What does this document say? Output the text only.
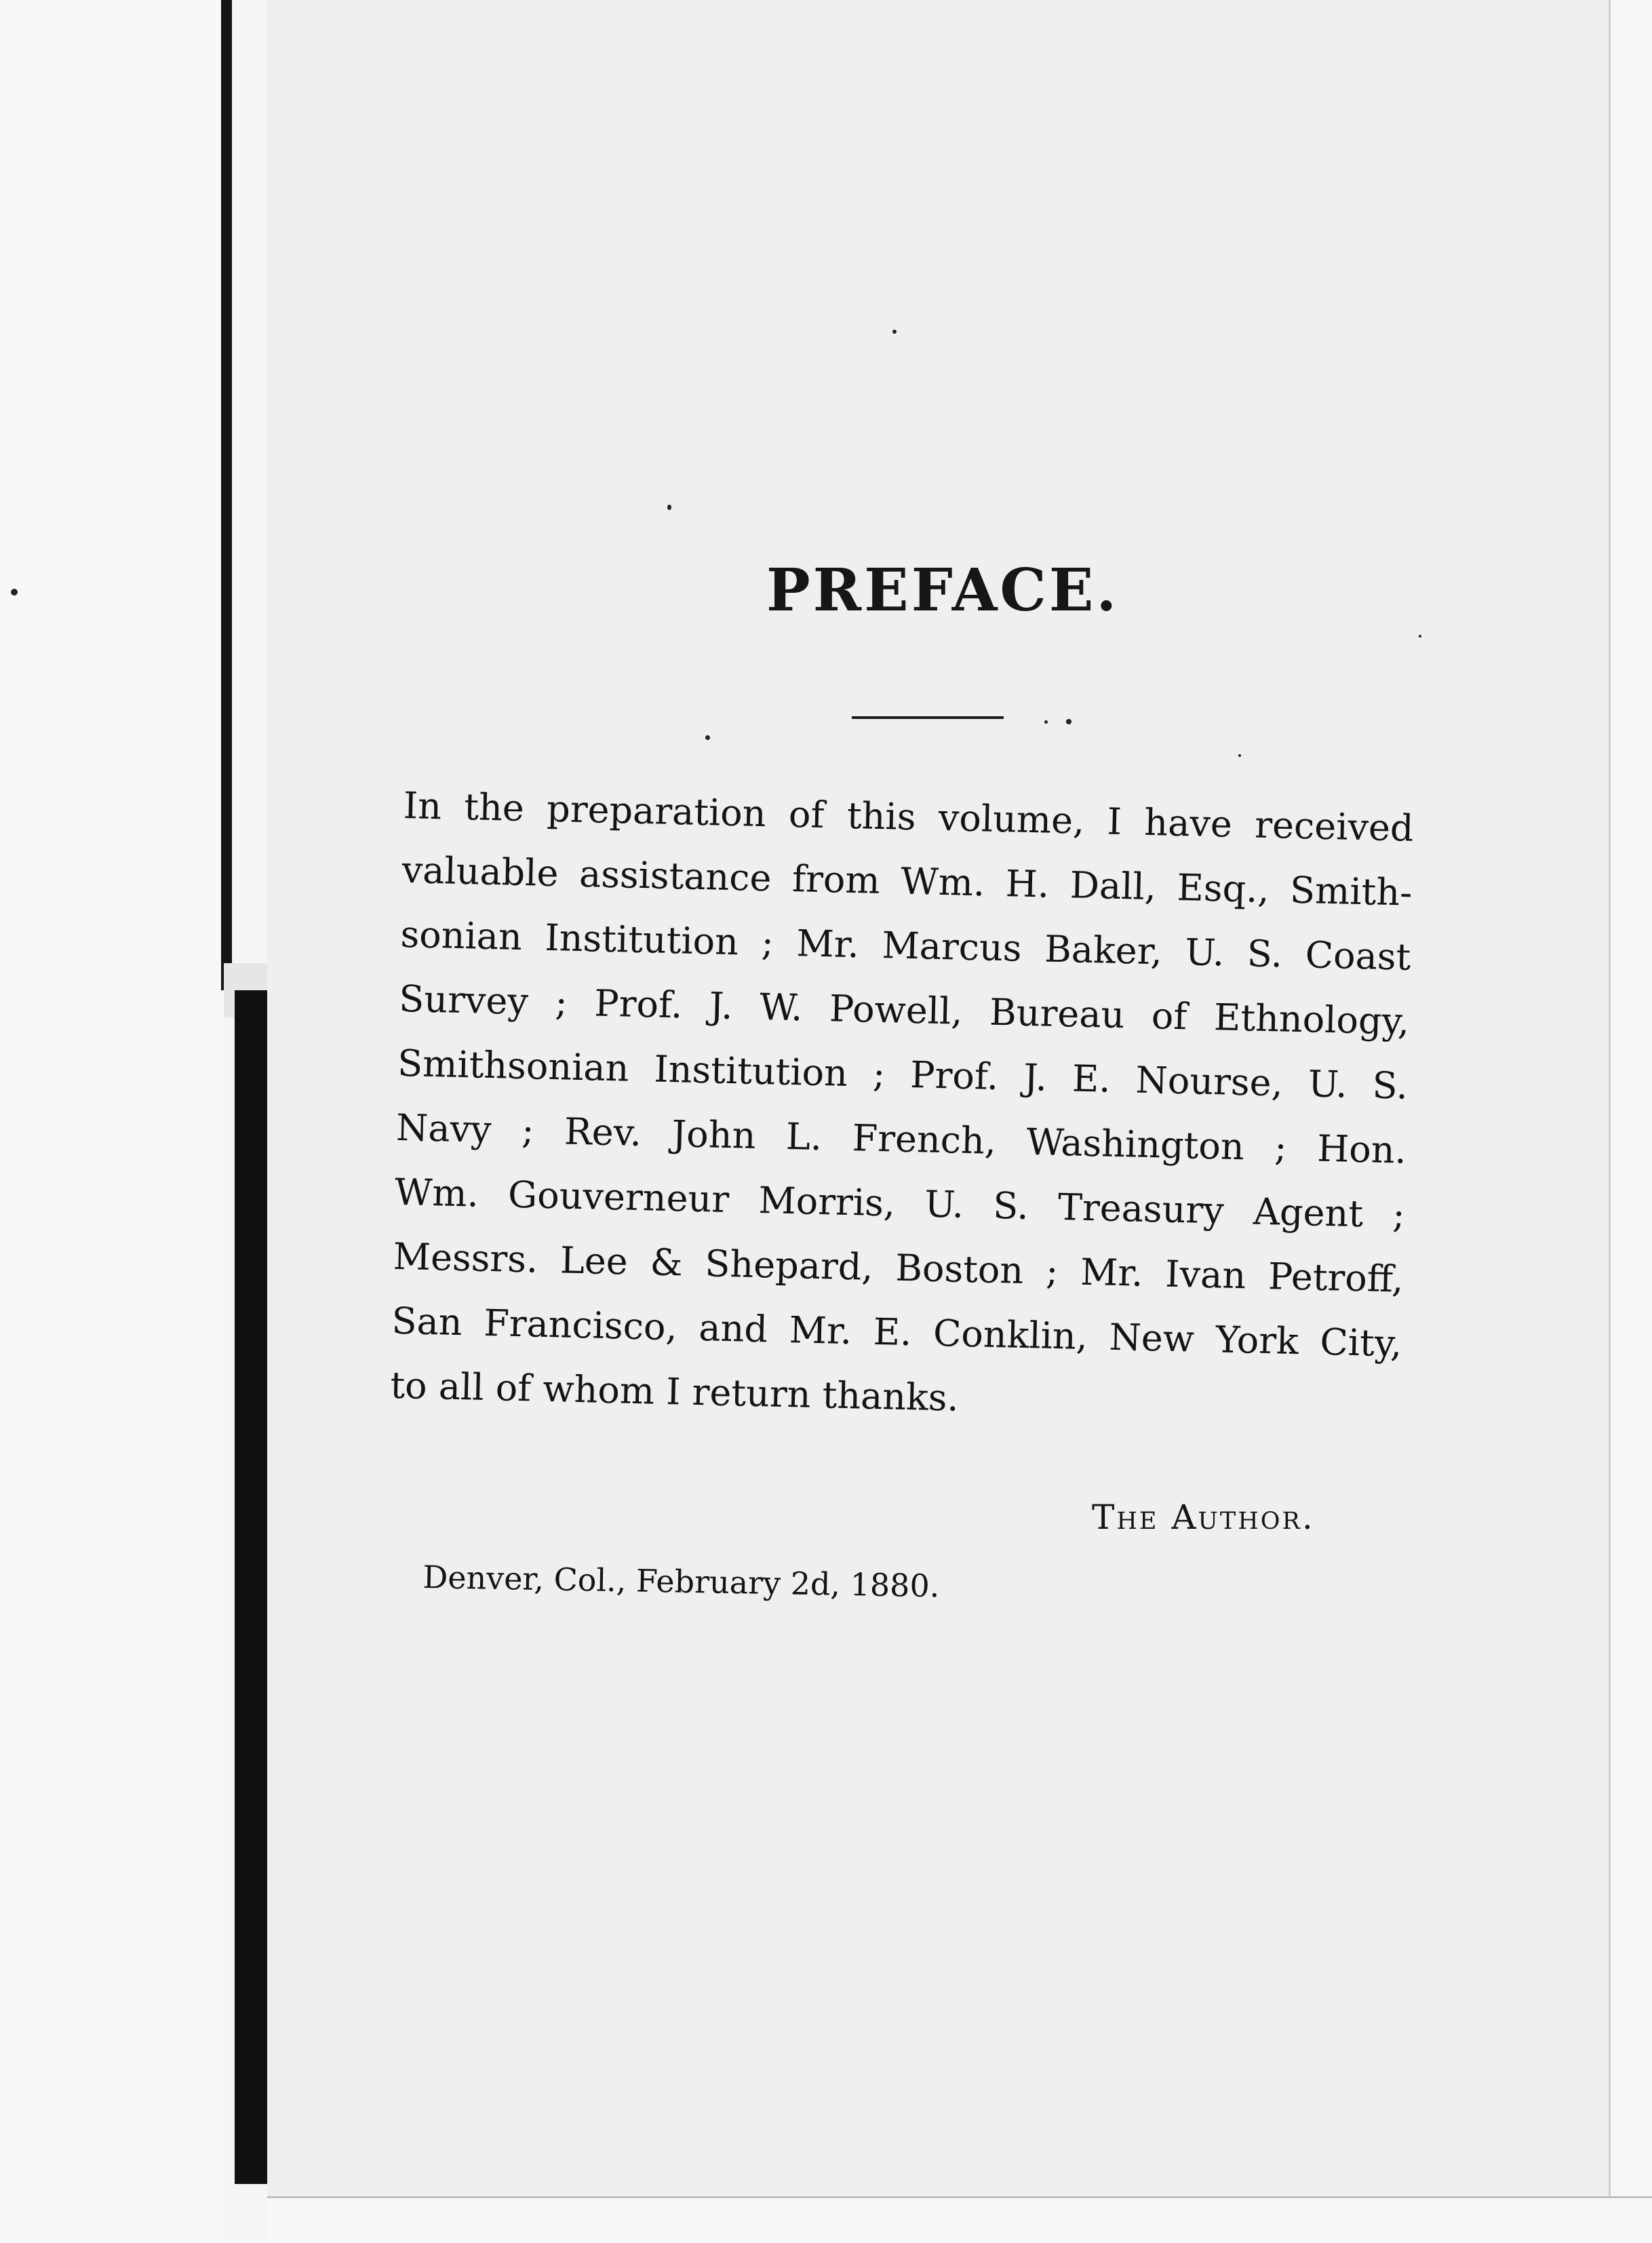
PREFACE.
In the preparation of this volume, I have received
valuable assistance from Wm. H. Dall, Esq., Smith-
sonian Institution ; Mr. Marcus Baker, U. S. Coast
Survey ; Prof. J. W. Powell, Bureau of Ethnology,
Smithsonian Institution ; Prof. J. E. Nourse, U. S.
Navy ; Rev. John L. French, Washington ; Hon.
Wm. Gouverneur Morris, U. S. Treasury Agent ;
Messrs. Lee & Shepard, Boston ; Mr. Ivan Petroff,
San Francisco, and Mr. E. Conklin, New York City,
to all of whom I return thanks.
The Author.
Denver, Col., February 2d, 1880.
